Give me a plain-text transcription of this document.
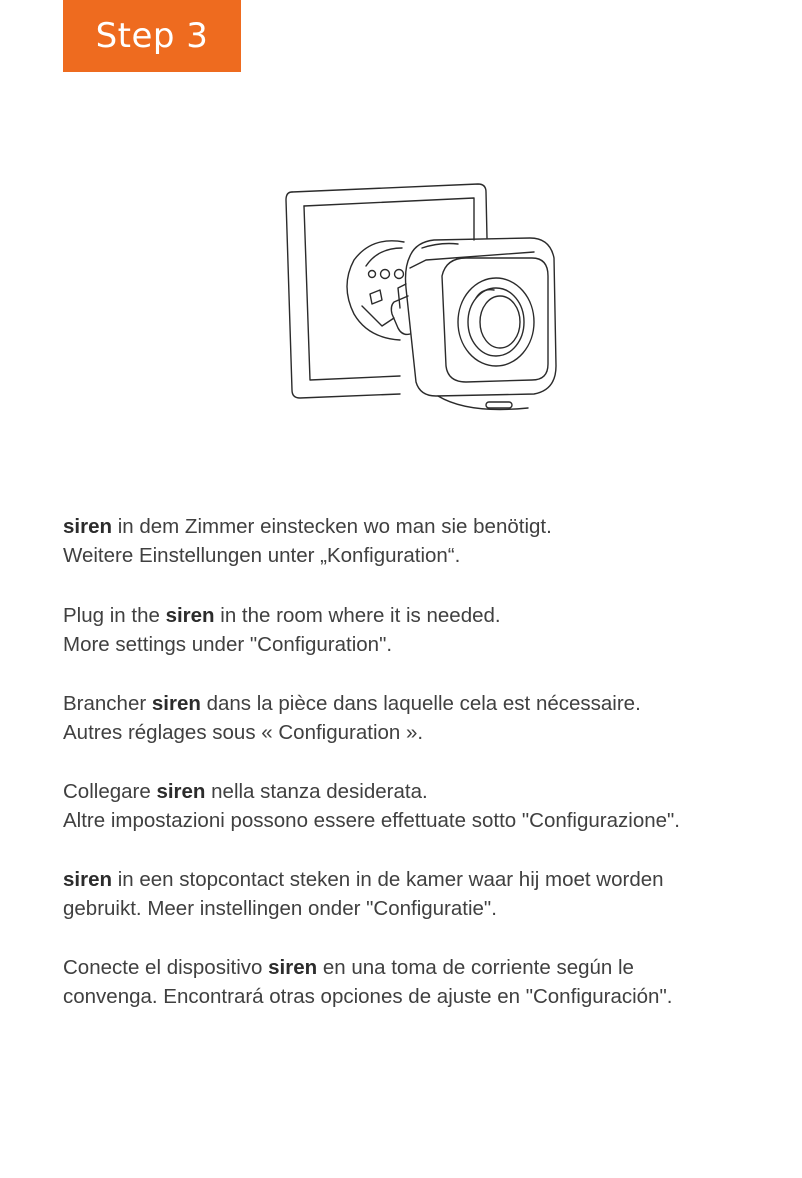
Step 3

siren in dem Zimmer einstecken wo man sie benötigt.
Weitere Einstellungen unter „Konfiguration“.

Plug in the siren in the room where it is needed.
More settings under "Configuration".

Brancher siren dans la pièce dans laquelle cela est nécessaire.
Autres réglages sous « Configuration ».

Collegare siren nella stanza desiderata.
Altre impostazioni possono essere effettuate sotto "Configurazione".

siren in een stopcontact steken in de kamer waar hij moet worden
gebruikt. Meer instellingen onder "Configuratie".

Conecte el dispositivo siren en una toma de corriente según le
convenga. Encontrará otras opciones de ajuste en "Configuración".
